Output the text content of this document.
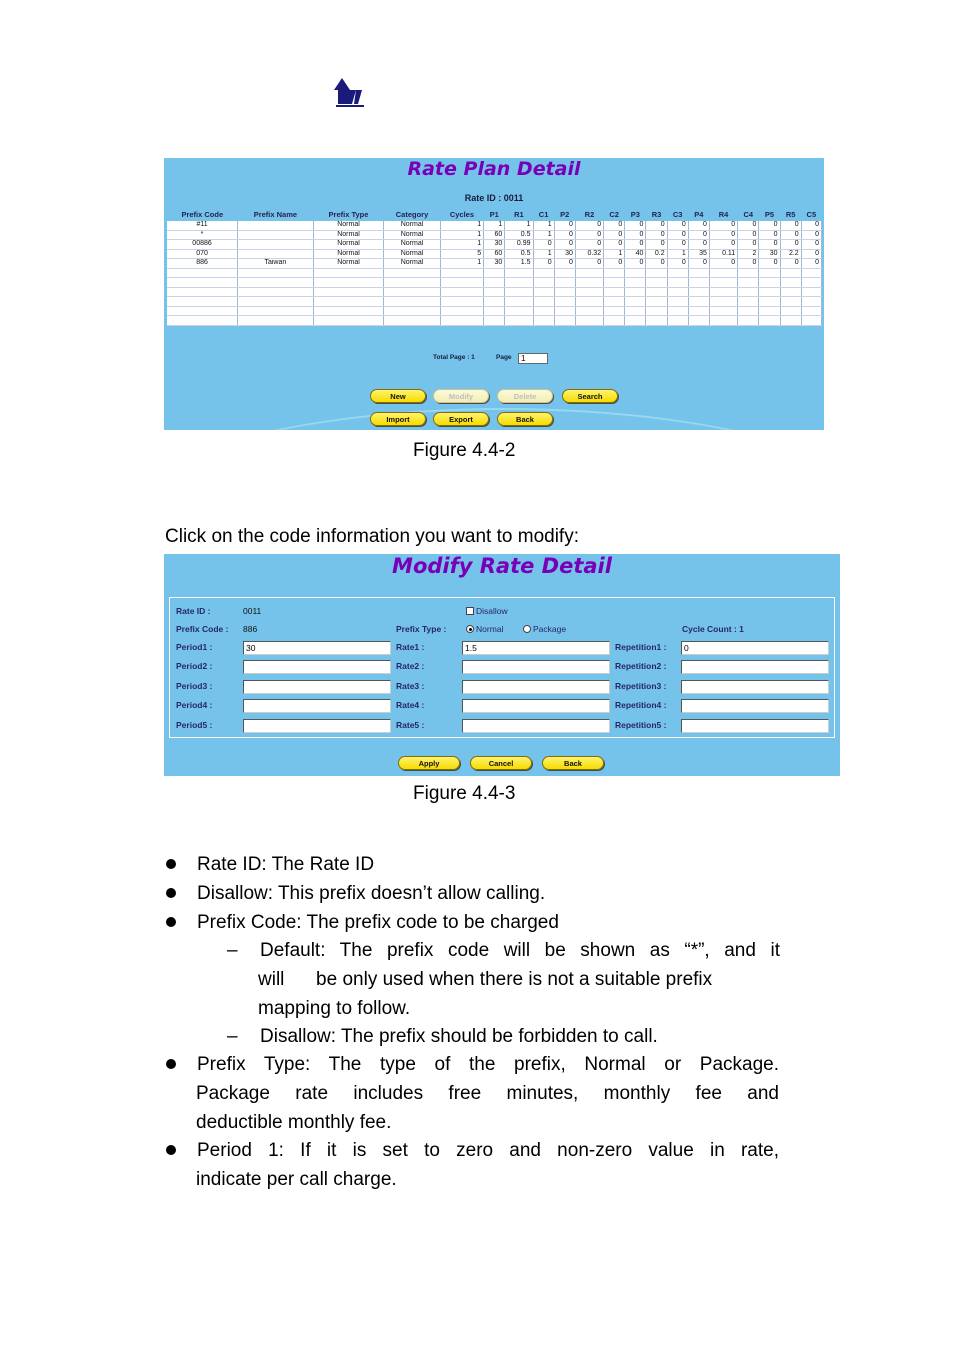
Rate Plan Detail
Rate ID : 0011
Prefix Code	Prefix Name	Prefix Type	Category	Cycles	P1	R1	C1	P2	R2	C2	P3	R3	C3	P4	R4	C4	P5	R5	C5
#11		Normal	Normal	1	1	1	1	0	0	0	0	0	0	0	0	0	0	0	0
*		Normal	Normal	1	60	0.5	1	0	0	0	0	0	0	0	0	0	0	0	0
00886		Normal	Normal	1	30	0.99	0	0	0	0	0	0	0	0	0	0	0	0	0
070		Normal	Normal	5	60	0.5	1	30	0.32	1	40	0.2	1	35	0.11	2	30	2.2	0
886	Taiwan	Normal	Normal	1	30	1.5	0	0	0	0	0	0	0	0	0	0	0	0	0

Total Page : 1	Page	1
New	Modify	Delete	Search
Import	Export	Back
Figure 4.4-2
Click on the code information you want to modify:
Modify Rate Detail
Rate ID :	0011	Disallow
Prefix Code : 886	Prefix Type :	Normal	Package	Cycle Count : 1
Period1 :	30	Rate1 :	1.5	Repetition1 :	0
Period2 :	Rate2 :	Repetition2 :
Period3 :	Rate3 :	Repetition3 :
Period4 :	Rate4 :	Repetition4 :
Period5 :	Rate5 :	Repetition5 :
Apply	Cancel	Back
Figure 4.4-3
Rate ID: The Rate ID
Disallow: This prefix doesn’t allow calling.
Prefix Code: The prefix code to be charged
– Default: The prefix code will be shown as “*”, and it
will      be only used when there is not a suitable prefix
mapping to follow.
– Disallow: The prefix should be forbidden to call.
Prefix Type: The type of the prefix, Normal or Package.
Package rate includes free minutes, monthly fee and
deductible monthly fee.
Period 1: If it is set to zero and non-zero value in rate,
indicate per call charge.
